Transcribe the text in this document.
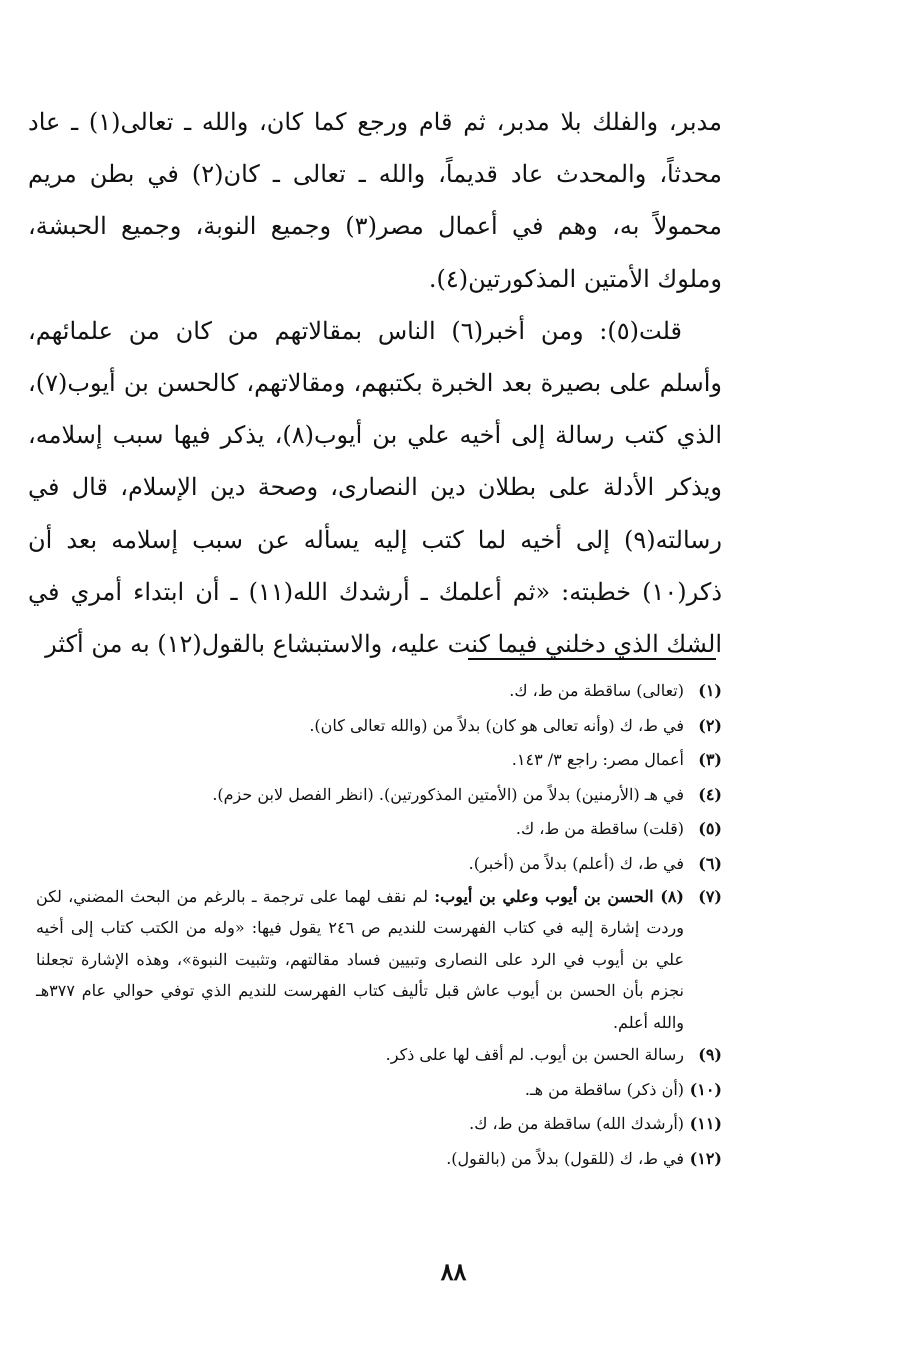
مدبر، والفلك بلا مدبر، ثم قام ورجع كما كان، والله ـ تعالى(١) ـ عاد محدثاً، والمحدث عاد قديماً، والله ـ تعالى ـ كان(٢) في بطن مريم محمولاً به، وهم في أعمال مصر(٣) وجميع النوبة، وجميع الحبشة، وملوك الأمتين المذكورتين(٤).

قلت(٥): ومن أخبر(٦) الناس بمقالاتهم من كان من علمائهم، وأسلم على بصيرة بعد الخبرة بكتبهم، ومقالاتهم، كالحسن بن أيوب(٧)، الذي كتب رسالة إلى أخيه علي بن أيوب(٨)، يذكر فيها سبب إسلامه، ويذكر الأدلة على بطلان دين النصارى، وصحة دين الإسلام، قال في رسالته(٩) إلى أخيه لما كتب إليه يسأله عن سبب إسلامه بعد أن ذكر(١٠) خطبته: «ثم أعلمك ـ أرشدك الله(١١) ـ أن ابتداء أمري في الشك الذي دخلني فيما كنت عليه، والاستبشاع بالقول(١٢) به من أكثر

(١)
(تعالى) ساقطة من ط، ك.
(٢)
في ط، ك (وأنه تعالى هو كان) بدلاً من (والله تعالى كان).
(٣)
أعمال مصر: راجع ٣/ ١٤٣.
(٤)
في هـ (الأرمنين) بدلاً من (الأمتين المذكورتين). (انظر الفصل لابن حزم).
(٥)
(قلت) ساقطة من ط، ك.
(٦)
في ط، ك (أعلم) بدلاً من (أخبر).
(٧)
(٨) الحسن بن أيوب وعلي بن أيوب: لم نقف لهما على ترجمة ـ بالرغم من البحث المضني، لكن وردت إشارة إليه في كتاب الفهرست للنديم ص ٢٤٦ يقول فيها: «وله من الكتب كتاب إلى أخيه علي بن أيوب في الرد على النصارى وتبيين فساد مقالتهم، وتثبيت النبوة»، وهذه الإشارة تجعلنا نجزم بأن الحسن بن أيوب عاش قبل تأليف كتاب الفهرست للنديم الذي توفي حوالي عام ٣٧٧هـ والله أعلم.
(٩)
رسالة الحسن بن أيوب. لم أقف لها على ذكر.
(١٠)
(أن ذكر) ساقطة من هـ.
(١١)
(أرشدك الله) ساقطة من ط، ك.
(١٢)
في ط، ك (للقول) بدلاً من (بالقول).
٨٨
